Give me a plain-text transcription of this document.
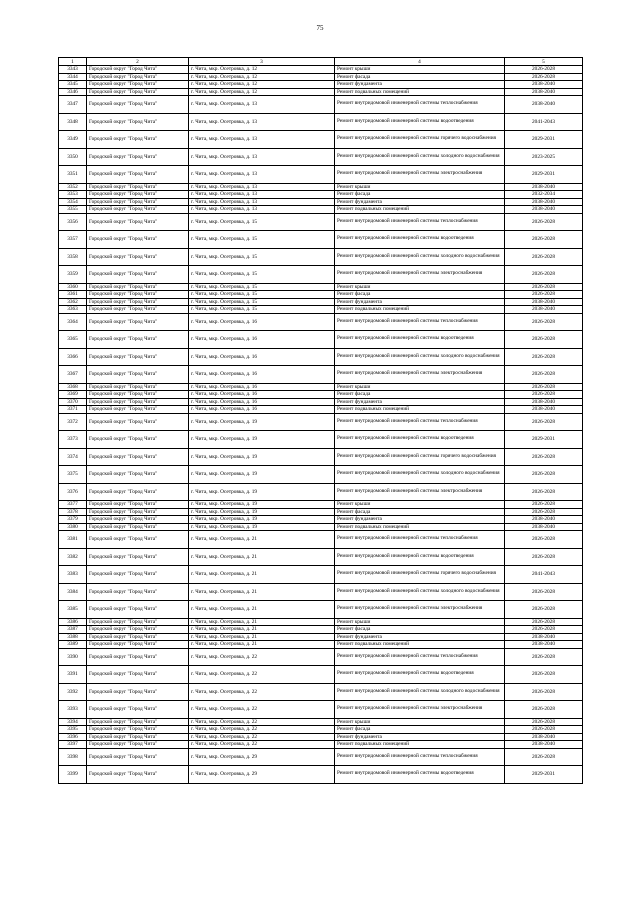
75
1	2	3	4	5
3343	Городской округ "Город Чита"	г. Чита, мкр. Осетровка, д. 12	Ремонт крыши	2026-2028
3344	Городской округ "Город Чита"	г. Чита, мкр. Осетровка, д. 12	Ремонт фасада	2026-2028
3345	Городской округ "Город Чита"	г. Чита, мкр. Осетровка, д. 12	Ремонт фундамента	2038-2040
3346	Городской округ "Город Чита"	г. Чита, мкр. Осетровка, д. 12	Ремонт подвальных помещений	2038-2040
3347	Городской округ "Город Чита"	г. Чита, мкр. Осетровка, д. 13	Ремонт внутридомовой инженерной системы теплоснабжения	2038-2040
3348	Городской округ "Город Чита"	г. Чита, мкр. Осетровка, д. 13	Ремонт внутридомовой инженерной системы водоотведения	2041-2043
3349	Городской округ "Город Чита"	г. Чита, мкр. Осетровка, д. 13	Ремонт внутридомовой инженерной системы горячего водоснабжения	2029-2031
3350	Городской округ "Город Чита"	г. Чита, мкр. Осетровка, д. 13	Ремонт внутридомовой инженерной системы холодного водоснабжения	2023-2025
3351	Городской округ "Город Чита"	г. Чита, мкр. Осетровка, д. 13	Ремонт внутридомовой инженерной системы электроснабжения	2029-2031
3352	Городской округ "Город Чита"	г. Чита, мкр. Осетровка, д. 13	Ремонт крыши	2038-2040
3353	Городской округ "Город Чита"	г. Чита, мкр. Осетровка, д. 13	Ремонт фасада	2032-2034
3354	Городской округ "Город Чита"	г. Чита, мкр. Осетровка, д. 13	Ремонт фундамента	2038-2040
3355	Городской округ "Город Чита"	г. Чита, мкр. Осетровка, д. 13	Ремонт подвальных помещений	2038-2040
3356	Городской округ "Город Чита"	г. Чита, мкр. Осетровка, д. 15	Ремонт внутридомовой инженерной системы теплоснабжения	2026-2028
3357	Городской округ "Город Чита"	г. Чита, мкр. Осетровка, д. 15	Ремонт внутридомовой инженерной системы водоотведения	2026-2028
3358	Городской округ "Город Чита"	г. Чита, мкр. Осетровка, д. 15	Ремонт внутридомовой инженерной системы холодного водоснабжения	2026-2028
3359	Городской округ "Город Чита"	г. Чита, мкр. Осетровка, д. 15	Ремонт внутридомовой инженерной системы электроснабжения	2026-2028
3360	Городской округ "Город Чита"	г. Чита, мкр. Осетровка, д. 15	Ремонт крыши	2026-2028
3361	Городской округ "Город Чита"	г. Чита, мкр. Осетровка, д. 15	Ремонт фасада	2026-2028
3362	Городской округ "Город Чита"	г. Чита, мкр. Осетровка, д. 15	Ремонт фундамента	2038-2040
3363	Городской округ "Город Чита"	г. Чита, мкр. Осетровка, д. 15	Ремонт подвальных помещений	2038-2040
3364	Городской округ "Город Чита"	г. Чита, мкр. Осетровка, д. 16	Ремонт внутридомовой инженерной системы теплоснабжения	2026-2028
3365	Городской округ "Город Чита"	г. Чита, мкр. Осетровка, д. 16	Ремонт внутридомовой инженерной системы водоотведения	2026-2028
3366	Городской округ "Город Чита"	г. Чита, мкр. Осетровка, д. 16	Ремонт внутридомовой инженерной системы холодного водоснабжения	2026-2028
3367	Городской округ "Город Чита"	г. Чита, мкр. Осетровка, д. 16	Ремонт внутридомовой инженерной системы электроснабжения	2026-2028
3368	Городской округ "Город Чита"	г. Чита, мкр. Осетровка, д. 16	Ремонт крыши	2026-2028
3369	Городской округ "Город Чита"	г. Чита, мкр. Осетровка, д. 16	Ремонт фасада	2026-2028
3370	Городской округ "Город Чита"	г. Чита, мкр. Осетровка, д. 16	Ремонт фундамента	2038-2040
3371	Городской округ "Город Чита"	г. Чита, мкр. Осетровка, д. 16	Ремонт подвальных помещений	2038-2040
3372	Городской округ "Город Чита"	г. Чита, мкр. Осетровка, д. 19	Ремонт внутридомовой инженерной системы теплоснабжения	2026-2028
3373	Городской округ "Город Чита"	г. Чита, мкр. Осетровка, д. 19	Ремонт внутридомовой инженерной системы водоотведения	2029-2031
3374	Городской округ "Город Чита"	г. Чита, мкр. Осетровка, д. 19	Ремонт внутридомовой инженерной системы горячего водоснабжения	2026-2028
3375	Городской округ "Город Чита"	г. Чита, мкр. Осетровка, д. 19	Ремонт внутридомовой инженерной системы холодного водоснабжения	2026-2028
3376	Городской округ "Город Чита"	г. Чита, мкр. Осетровка, д. 19	Ремонт внутридомовой инженерной системы электроснабжения	2026-2028
3377	Городской округ "Город Чита"	г. Чита, мкр. Осетровка, д. 19	Ремонт крыши	2026-2028
3378	Городской округ "Город Чита"	г. Чита, мкр. Осетровка, д. 19	Ремонт фасада	2026-2028
3379	Городской округ "Город Чита"	г. Чита, мкр. Осетровка, д. 19	Ремонт фундамента	2038-2040
3380	Городской округ "Город Чита"	г. Чита, мкр. Осетровка, д. 19	Ремонт подвальных помещений	2038-2040
3381	Городской округ "Город Чита"	г. Чита, мкр. Осетровка, д. 21	Ремонт внутридомовой инженерной системы теплоснабжения	2026-2028
3382	Городской округ "Город Чита"	г. Чита, мкр. Осетровка, д. 21	Ремонт внутридомовой инженерной системы водоотведения	2026-2028
3383	Городской округ "Город Чита"	г. Чита, мкр. Осетровка, д. 21	Ремонт внутридомовой инженерной системы горячего водоснабжения	2041-2043
3384	Городской округ "Город Чита"	г. Чита, мкр. Осетровка, д. 21	Ремонт внутридомовой инженерной системы холодного водоснабжения	2026-2028
3385	Городской округ "Город Чита"	г. Чита, мкр. Осетровка, д. 21	Ремонт внутридомовой инженерной системы электроснабжения	2026-2028
3386	Городской округ "Город Чита"	г. Чита, мкр. Осетровка, д. 21	Ремонт крыши	2026-2028
3387	Городской округ "Город Чита"	г. Чита, мкр. Осетровка, д. 21	Ремонт фасада	2026-2028
3388	Городской округ "Город Чита"	г. Чита, мкр. Осетровка, д. 21	Ремонт фундамента	2038-2040
3389	Городской округ "Город Чита"	г. Чита, мкр. Осетровка, д. 21	Ремонт подвальных помещений	2038-2040
3390	Городской округ "Город Чита"	г. Чита, мкр. Осетровка, д. 22	Ремонт внутридомовой инженерной системы теплоснабжения	2026-2028
3391	Городской округ "Город Чита"	г. Чита, мкр. Осетровка, д. 22	Ремонт внутридомовой инженерной системы водоотведения	2026-2028
3392	Городской округ "Город Чита"	г. Чита, мкр. Осетровка, д. 22	Ремонт внутридомовой инженерной системы холодного водоснабжения	2026-2028
3393	Городской округ "Город Чита"	г. Чита, мкр. Осетровка, д. 22	Ремонт внутридомовой инженерной системы электроснабжения	2026-2028
3394	Городской округ "Город Чита"	г. Чита, мкр. Осетровка, д. 22	Ремонт крыши	2026-2028
3395	Городской округ "Город Чита"	г. Чита, мкр. Осетровка, д. 22	Ремонт фасада	2026-2028
3396	Городской округ "Город Чита"	г. Чита, мкр. Осетровка, д. 22	Ремонт фундамента	2038-2040
3397	Городской округ "Город Чита"	г. Чита, мкр. Осетровка, д. 22	Ремонт подвальных помещений	2038-2040
3398	Городской округ "Город Чита"	г. Чита, мкр. Осетровка, д. 29	Ремонт внутридомовой инженерной системы теплоснабжения	2026-2028
3399	Городской округ "Город Чита"	г. Чита, мкр. Осетровка, д. 29	Ремонт внутридомовой инженерной системы водоотведения	2029-2031
